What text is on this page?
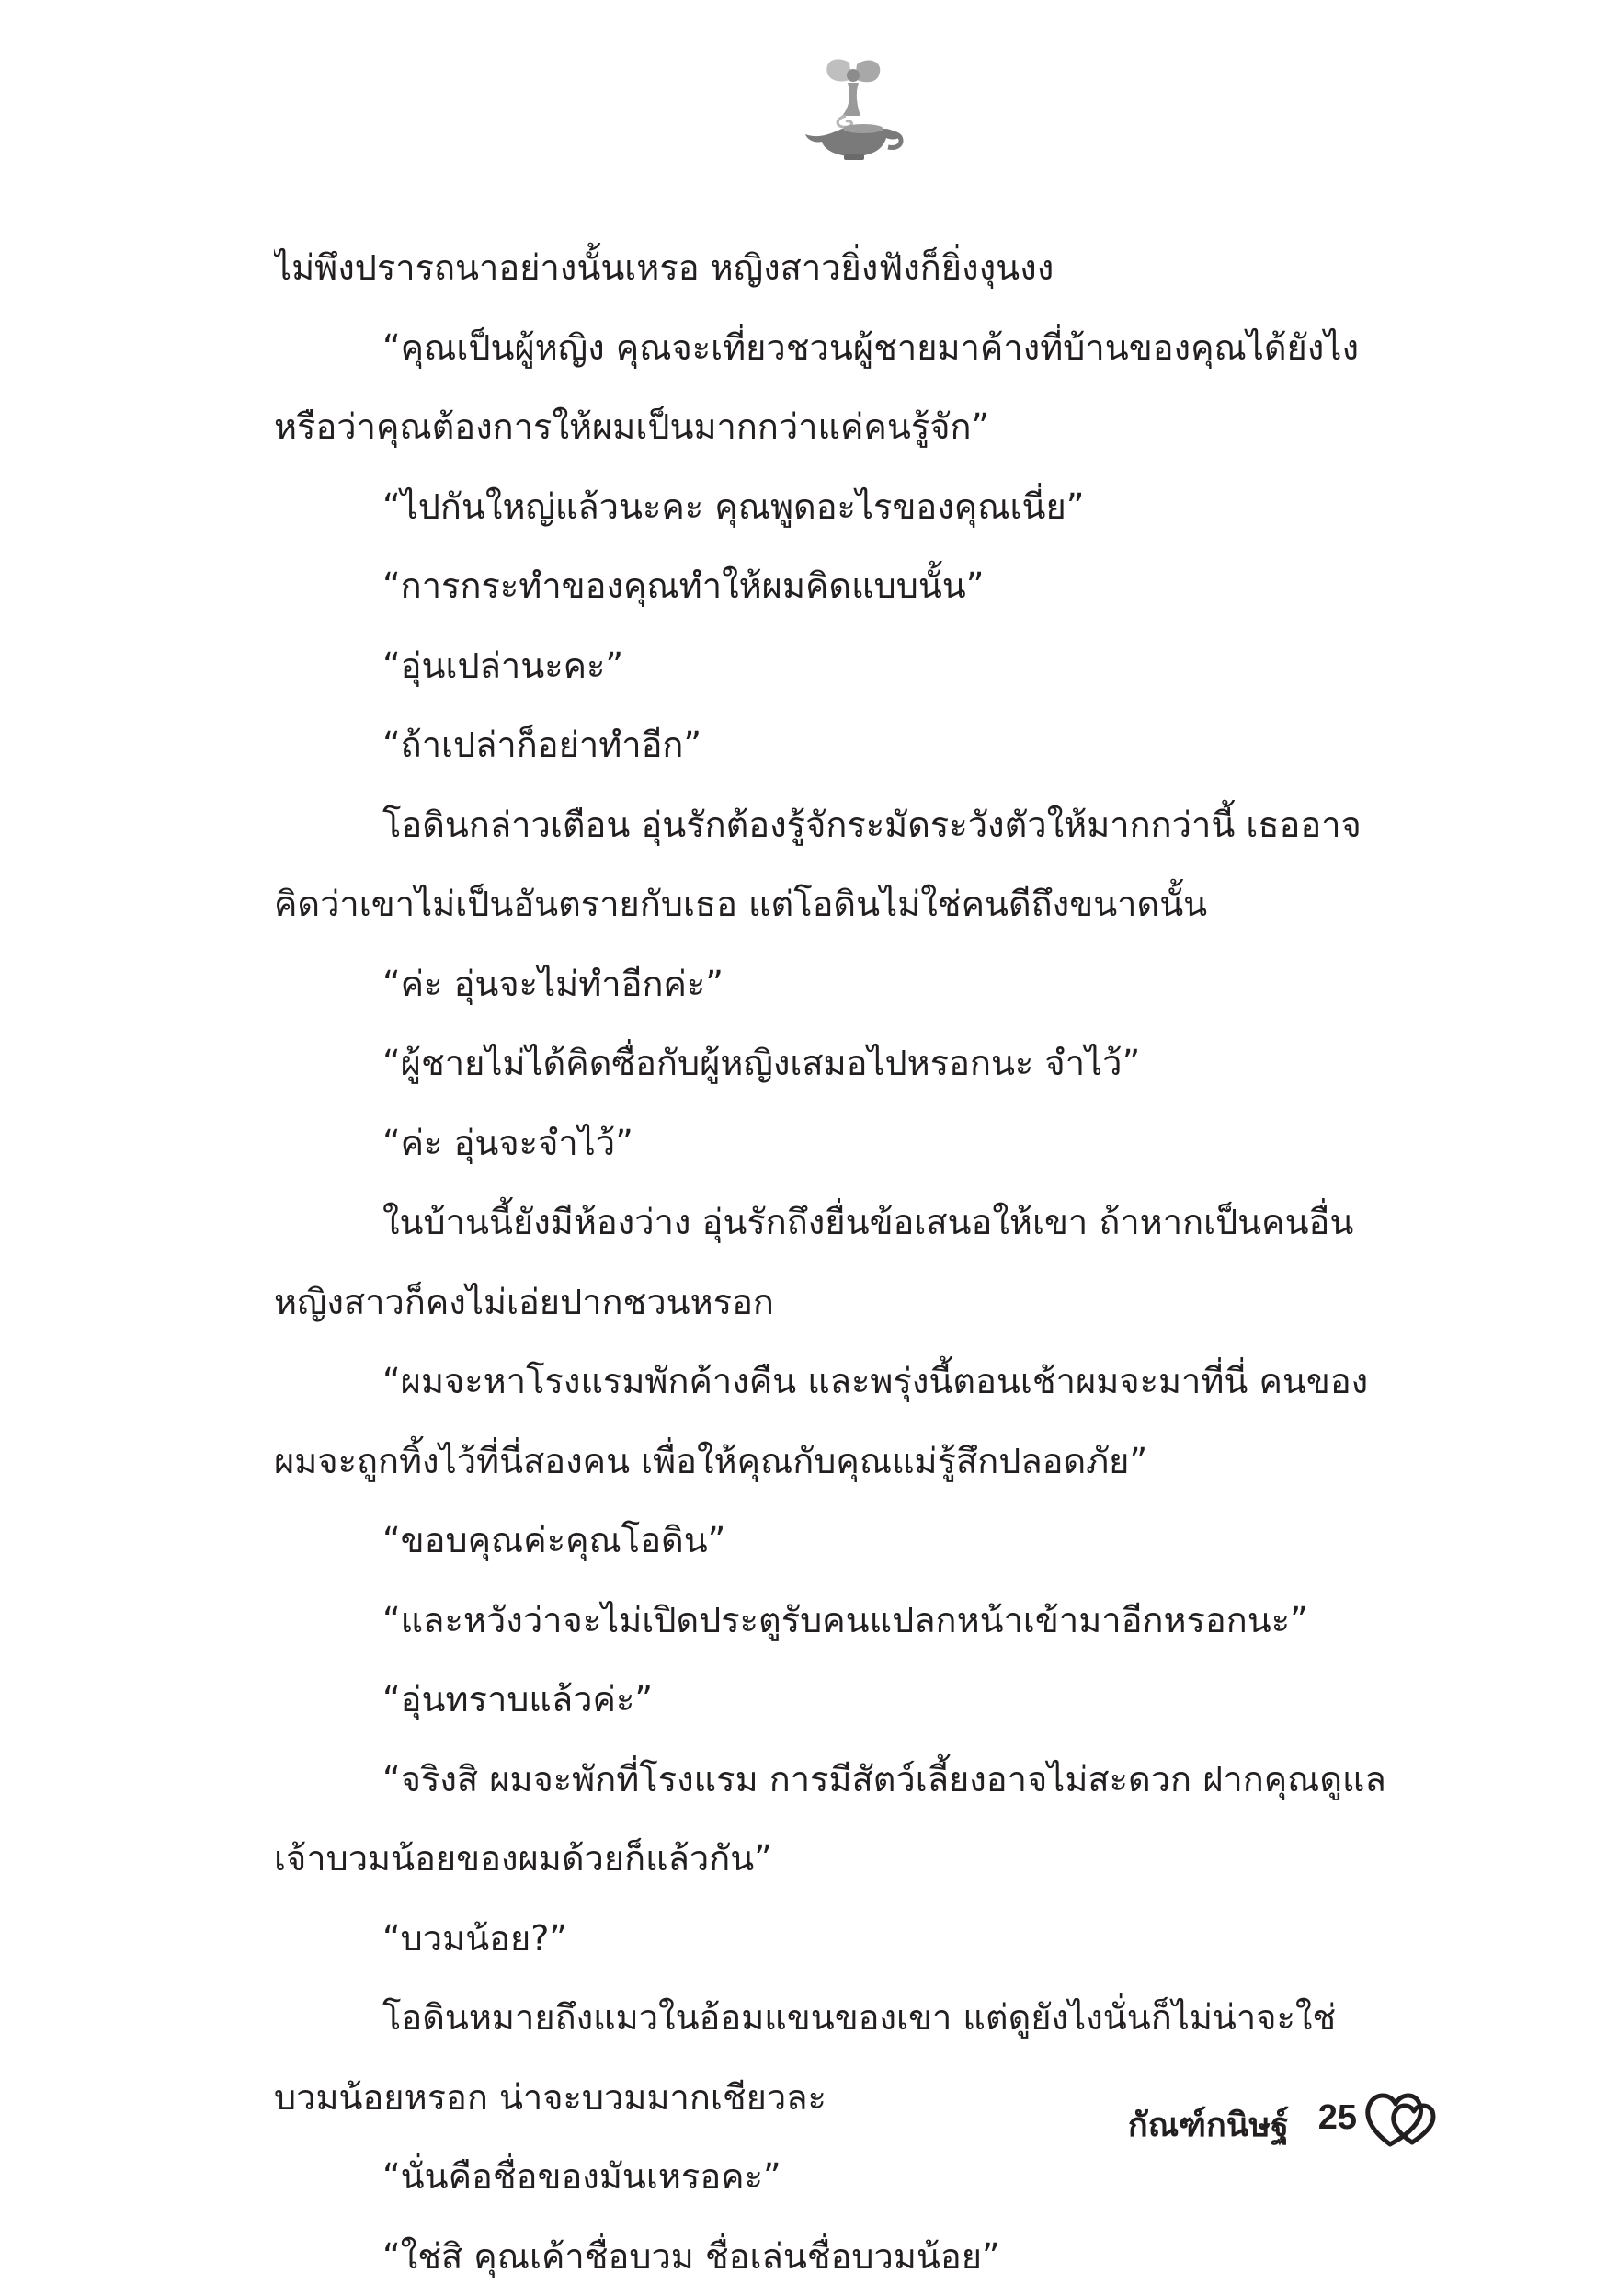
ไม่พึงปรารถนาอย่างนั้นเหรอ หญิงสาวยิ่งฟังก็ยิ่งงุนงง
“คุณเป็นผู้หญิง คุณจะเที่ยวชวนผู้ชายมาค้างที่บ้านของคุณได้ยังไง
หรือว่าคุณต้องการให้ผมเป็นมากกว่าแค่คนรู้จัก”
“ไปกันใหญ่แล้วนะคะ คุณพูดอะไรของคุณเนี่ย”
“การกระทำของคุณทำให้ผมคิดแบบนั้น”
“อุ่นเปล่านะคะ”
“ถ้าเปล่าก็อย่าทำอีก”
โอดินกล่าวเตือน อุ่นรักต้องรู้จักระมัดระวังตัวให้มากกว่านี้ เธออาจ
คิดว่าเขาไม่เป็นอันตรายกับเธอ แต่โอดินไม่ใช่คนดีถึงขนาดนั้น
“ค่ะ อุ่นจะไม่ทำอีกค่ะ”
“ผู้ชายไม่ได้คิดซื่อกับผู้หญิงเสมอไปหรอกนะ จำไว้”
“ค่ะ อุ่นจะจำไว้”
ในบ้านนี้ยังมีห้องว่าง อุ่นรักถึงยื่นข้อเสนอให้เขา ถ้าหากเป็นคนอื่น
หญิงสาวก็คงไม่เอ่ยปากชวนหรอก
“ผมจะหาโรงแรมพักค้างคืน และพรุ่งนี้ตอนเช้าผมจะมาที่นี่ คนของ
ผมจะถูกทิ้งไว้ที่นี่สองคน เพื่อให้คุณกับคุณแม่รู้สึกปลอดภัย”
“ขอบคุณค่ะคุณโอดิน”
“และหวังว่าจะไม่เปิดประตูรับคนแปลกหน้าเข้ามาอีกหรอกนะ”
“อุ่นทราบแล้วค่ะ”
“จริงสิ ผมจะพักที่โรงแรม การมีสัตว์เลี้ยงอาจไม่สะดวก ฝากคุณดูแล
เจ้าบวมน้อยของผมด้วยก็แล้วกัน”
“บวมน้อย?”
โอดินหมายถึงแมวในอ้อมแขนของเขา แต่ดูยังไงนั่นก็ไม่น่าจะใช่
บวมน้อยหรอก น่าจะบวมมากเชียวละ
“นั่นคือชื่อของมันเหรอคะ”
“ใช่สิ คุณเค้าชื่อบวม ชื่อเล่นชื่อบวมน้อย”
กัณฑ์กนิษฐ์ 25
